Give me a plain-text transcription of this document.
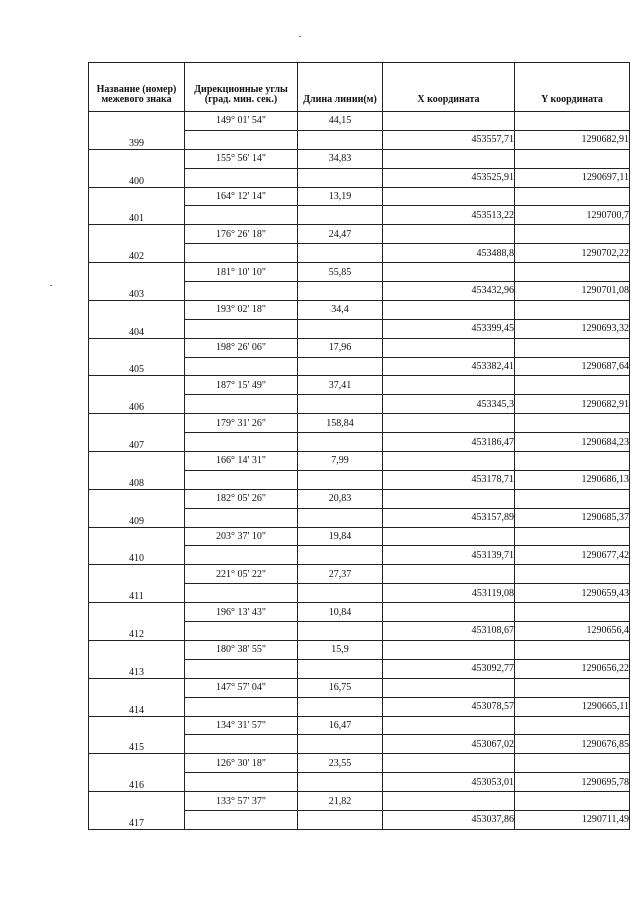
Название (номер) межевого знака	Дирекционные углы (град. мин. сек.)	Длина линии(м)	X координата	Y координата
	149° 01' 54"	44,15		
399			453557,71	1290682,91
	155° 56' 14"	34,83		
400			453525,91	1290697,11
	164° 12' 14"	13,19		
401			453513,22	1290700,7
	176° 26' 18"	24,47		
402			453488,8	1290702,22
	181° 10' 10"	55,85		
403			453432,96	1290701,08
	193° 02' 18"	34,4		
404			453399,45	1290693,32
	198° 26' 06"	17,96		
405			453382,41	1290687,64
	187° 15' 49"	37,41		
406			453345,3	1290682,91
	179° 31' 26"	158,84		
407			453186,47	1290684,23
	166° 14' 31"	7,99		
408			453178,71	1290686,13
	182° 05' 26"	20,83		
409			453157,89	1290685,37
	203° 37' 10"	19,84		
410			453139,71	1290677,42
	221° 05' 22"	27,37		
411			453119,08	1290659,43
	196° 13' 43"	10,84		
412			453108,67	1290656,4
	180° 38' 55"	15,9		
413			453092,77	1290656,22
	147° 57' 04"	16,75		
414			453078,57	1290665,11
	134° 31' 57"	16,47		
415			453067,02	1290676,85
	126° 30' 18"	23,55		
416			453053,01	1290695,78
	133° 57' 37"	21,82		
417			453037,86	1290711,49
